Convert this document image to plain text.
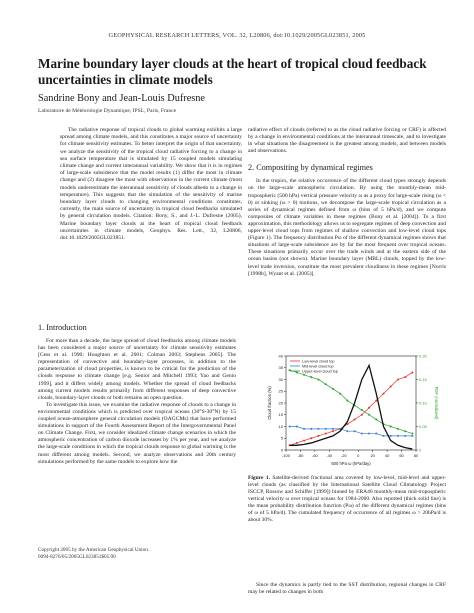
GEOPHYSICAL RESEARCH LETTERS, VOL. 32, L20806, doi:10.1029/2005GL023851, 2005
Marine boundary layer clouds at the heart of tropical cloud feedback uncertainties in climate models
Sandrine Bony and Jean-Louis Dufresne
Laboratoire de Météorologie Dynamique, IPSL, Paris, France

The radiative response of tropical clouds to global warming exhibits a large spread among climate models, and this constitutes a major source of uncertainty for climate sensitivity estimates. To better interpret the origin of that uncertainty, we analyze the sensitivity of the tropical cloud radiative forcing to a change in sea surface temperature that is simulated by 15 coupled models simulating climate change and current interannual variability. We show that it is in regimes of large-scale subsidence that the model results (1) differ the most in climate change and (2) disagree the most with observations in the current climate (most models underestimate the interannual sensitivity of clouds albedo to a change in temperature). This suggests that the simulation of the sensitivity of marine boundary layer clouds to changing environmental conditions constitutes, currently, the main source of uncertainty in tropical cloud feedbacks simulated by general circulation models. Citation: Bony, S., and J.-L. Dufresne (2005), Marine boundary layer clouds at the heart of tropical cloud feedback uncertainties in climate models, Geophys. Res. Lett., 32, L20806, doi:10.1029/2005GL023851.

1. Introduction

For more than a decade, the large spread of cloud feedbacks among climate models has been considered a major source of uncertainty for climate sensitivity estimates [Cess et al. 1990; Houghton et al. 2001; Colman 2003; Stephens 2005]. The representation of convective and boundary-layer processes, in addition to the parameterization of cloud properties, is known to be critical for the prediction of the clouds response to climate change [e.g. Senior and Mitchell 1993; Yao and Genio 1999], and it differs widely among models. Whether the spread of cloud feedbacks among current models results primarily from different responses of deep convective clouds, boundary-layer clouds or both remains an open question.

To investigate this issue, we examine the radiative response of clouds to a change in environmental conditions which is predicted over tropical oceans (30°S-30°N) by 15 coupled ocean-atmosphere general circulation models (OAGCMs) that have performed simulations in support of the Fourth Assessment Report of the Intergovernmental Panel on Climate Change. First, we consider idealized climate change scenarios in which the atmospheric concentration of carbon dioxide increases by 1% per year, and we analyze the large-scale conditions in which the tropical clouds response to global warming is the most different among models. Second, we analyze observations and 20th century simulations performed by the same models to explore how the

Copyright 2005 by the American Geophysical Union.
0094-8276/05/2005GL023851$05.00

radiative effect of clouds (referred to as the cloud radiative forcing or CRF) is affected by a change in environmental conditions at the interannual timescale, and to investigate in what situations the disagreement is the greatest among models, and between models and observations.

2. Compositing by dynamical regimes

In the tropics, the relative occurrence of the different cloud types strongly depends on the large-scale atmospheric circulation. By using the monthly-mean mid-tropospheric (500 hPa) vertical pressure velocity ω as a proxy for large-scale rising (ω < 0) or sinking (ω > 0) motions, we decompose the large-scale tropical circulation as a series of dynamical regimes defined from ω (bins of 5 hPa/d), and we compute composites of climate variables in these regimes (Bony et al. [2004]). To a first approximation, this methodology allows us to segregate regimes of deep convection and upper-level cloud tops from regimes of shallow convection and low-level cloud tops (Figure 1). The frequency distribution Pω of the different dynamical regimes shows that situations of large-scale subsidence are by far the most frequent over tropical oceans. These situations primarily occur over the trade winds and at the eastern side of the ocean basins (not shown). Marine boundary layer (MBL) clouds, topped by the low-level trade inversion, constitute the most prevalent cloudiness in these regimes [Norris [1998b], Wyant et al. (2005)].

-100 -80 -60 -40 -20	0	20 40 60 80
0
5
10
15
20
25
30
35
40
0
0.05
0.10
0.15
0.20
500 hPa ω (hPa/day)
Cloud fraction (%)	PDF (normalized)
Low-level cloud top
Mid-level cloud top
Upper-level cloud top
Figure 1. Satellite-derived fractional area covered by low-level, mid-level and upper-level clouds (as classified by the International Satellite Cloud Climatology Project ISCCP, Rossow and Schiffer [1999]) binned by ERA40 monthly-mean mid-tropospheric vertical velocity ω over tropical oceans for 1984-2000. Also reported (thick solid line) is the mean probability distribution function (Pω) of the different dynamical regimes (bins of ω of 5 hPa/d). The cumulated frequency of occurrence of all regimes ω > 20hPa/d is about 30%.
Since the dynamics is partly tied to the SST distribution, regional changes in CRF may be related to changes in both
